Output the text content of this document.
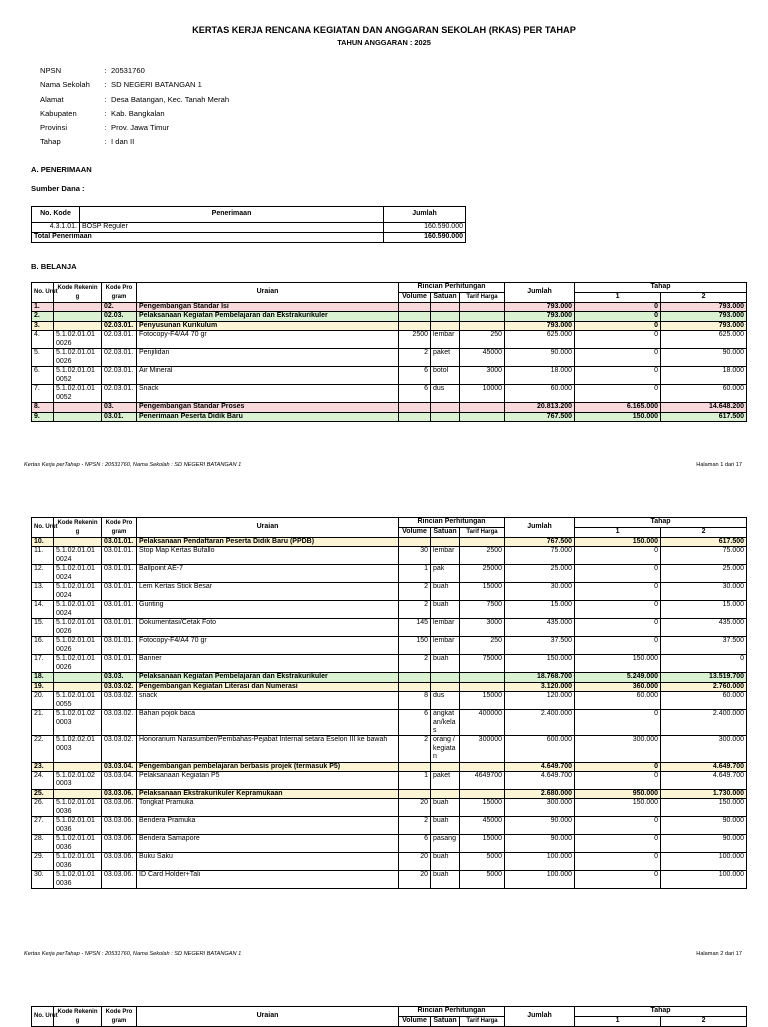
KERTAS KERJA RENCANA KEGIATAN DAN ANGGARAN SEKOLAH (RKAS) PER TAHAP
TAHUN ANGGARAN : 2025
NPSN	: 20531760
Nama Sekolah	: SD NEGERI BATANGAN 1
Alamat	: Desa Batangan, Kec. Tanah Merah
Kabupaten	: Kab. Bangkalan
Provinsi	: Prov. Jawa Timur
Tahap	: I dan II
A. PENERIMAAN
Sumber Dana :
No. Kode	Penerimaan	Jumlah
4.3.1.01.	BOSP Reguler	160.590.000
Total Penerimaan		160.590.000
B. BELANJA
No. Urut	Kode Rekening	Kode Program	Uraian	Rincian Perhitungan			Jumlah	Tahap	
				Volume	Satuan	Tarif Harga		1	2
1.		02.	Pengembangan Standar Isi				793.000	0	793.000
2.		02.03.	Pelaksanaan Kegiatan Pembelajaran dan Ekstrakurikuler				793.000	0	793.000
3.		02.03.01.	Penyusunan Kurikulum				793.000	0	793.000
4.	5.1.02.01.01 0026	02.03.01.	Fotocopy-F4/A4 70 gr	2500	lembar	250	625.000	0	625.000
5.	5.1.02.01.01 0026	02.03.01.	Penjilidan	2	paket	45000	90.000	0	90.000
6.	5.1.02.01.01 0052	02.03.01.	Air Mineral	6	botol	3000	18.000	0	18.000
7.	5.1.02.01.01 0052	02.03.01.	Snack	6	dus	10000	60.000	0	60.000
8.		03.	Pengembangan Standar Proses				20.813.200	6.165.000	14.648.200
9.		03.01.	Penerimaan Peserta Didik Baru				767.500	150.000	617.500
Kertas Kerja perTahap - NPSN : 20531760, Nama Sekolah : SD NEGERI BATANGAN 1	Halaman 1 dari 17
No. Urut	Kode Rekening	Kode Program	Uraian	Rincian Perhitungan			Jumlah	Tahap	
				Volume	Satuan	Tarif Harga		1	2
10.		03.01.01.	Pelaksanaan Pendaftaran Peserta Didik Baru (PPDB)				767.500	150.000	617.500
11.	5.1.02.01.01 0024	03.01.01.	Stop Map Kertas Bufallo	30	lembar	2500	75.000	0	75.000
12.	5.1.02.01.01 0024	03.01.01.	Ballpoint AE-7	1	pak	25000	25.000	0	25.000
13.	5.1.02.01.01 0024	03.01.01.	Lem Kertas Stick Besar	2	buah	15000	30.000	0	30.000
14.	5.1.02.01.01 0024	03.01.01.	Gunting	2	buah	7500	15.000	0	15.000
15.	5.1.02.01.01 0026	03.01.01.	Dokumentasi/Cetak Foto	145	lembar	3000	435.000	0	435.000
16.	5.1.02.01.01 0026	03.01.01.	Fotocopy-F4/A4 70 gr	150	lembar	250	37.500	0	37.500
17.	5.1.02.01.01 0026	03.01.01.	Banner	2	buah	75000	150.000	150.000	0
18.		03.03.	Pelaksanaan Kegiatan Pembelajaran dan Ekstrakurikuler				18.768.700	5.249.000	13.519.700
19.		03.03.02.	Pengembangan Kegiatan Literasi dan Numerasi				3.120.000	360.000	2.760.000
20.	5.1.02.01.01 0055	03.03.02.	snack	8	dus	15000	120.000	60.000	60.000
21.	5.1.02.01.02 0003	03.03.02.	Bahan pojok baca	6	angkat an/kela s	400000	2.400.000	0	2.400.000
22.	5.1.02.02.01 0003	03.03.02.	Honorarium Narasumber/Pembahas-Pejabat Internal setara Eselon III ke bawah	2	orang / kegiata n	300000	600.000	300.000	300.000
23.		03.03.04.	Pengembangan pembelajaran berbasis projek (termasuk P5)				4.649.700	0	4.649.700
24.	5.1.02.01.02 0003	03.03.04.	Pelaksanaan Kegiatan P5	1	paket	4649700	4.649.700	0	4.649.700
25.		03.03.06.	Pelaksanaan Ekstrakurikuler Kepramukaan				2.680.000	950.000	1.730.000
26.	5.1.02.01.01 0036	03.03.06.	Tongkat Pramuka	20	buah	15000	300.000	150.000	150.000
27.	5.1.02.01.01 0036	03.03.06.	Bendera Pramuka	2	buah	45000	90.000	0	90.000
28.	5.1.02.01.01 0036	03.03.06.	Bendera Samapore	6	pasang	15000	90.000	0	90.000
29.	5.1.02.01.01 0036	03.03.06.	Buku Saku	20	buah	5000	100.000	0	100.000
30.	5.1.02.01.01 0036	03.03.06.	ID Card Holder+Tali	20	buah	5000	100.000	0	100.000
Kertas Kerja perTahap - NPSN : 20531760, Nama Sekolah : SD NEGERI BATANGAN 1	Halaman 2 dari 17
No. Urut	Kode Rekening	Kode Program	Uraian	Rincian Perhitungan			Jumlah	Tahap	
				Volume	Satuan	Tarif Harga		1	2
